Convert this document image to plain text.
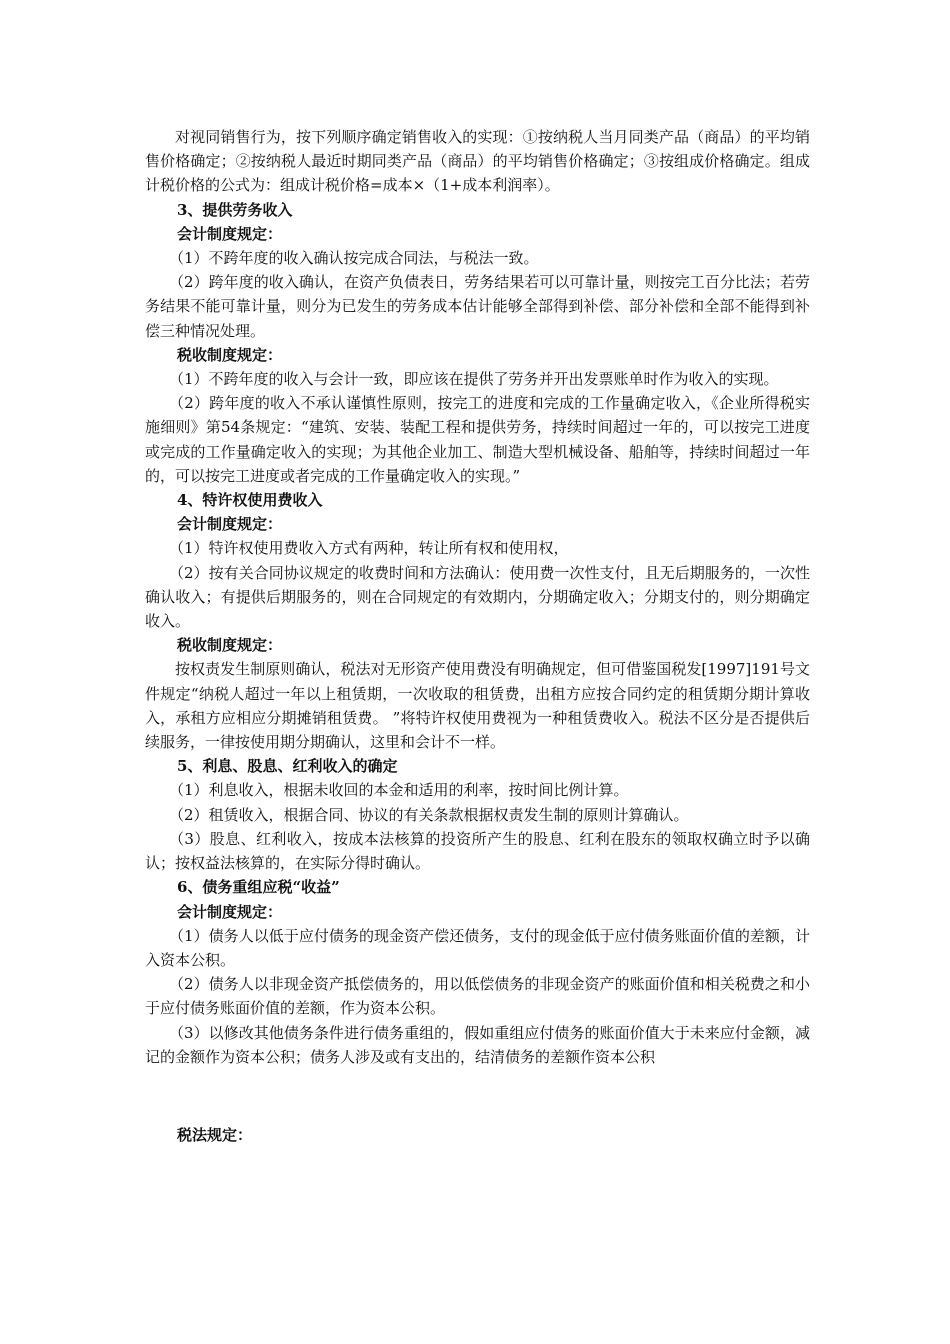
对视同销售行为，按下列顺序确定销售收入的实现：①按纳税人当月同类产品（商品）的平均销售价格确定；②按纳税人最近时期同类产品（商品）的平均销售价格确定；③按组成价格确定。组成计税价格的公式为：组成计税价格=成本×（1+成本利润率）。

3、提供劳务收入

会计制度规定：

（1）不跨年度的收入确认按完成合同法，与税法一致。

（2）跨年度的收入确认，在资产负债表日，劳务结果若可以可靠计量，则按完工百分比法；若劳务结果不能可靠计量，则分为已发生的劳务成本估计能够全部得到补偿、部分补偿和全部不能得到补偿三种情况处理。

税收制度规定：

（1）不跨年度的收入与会计一致，即应该在提供了劳务并开出发票账单时作为收入的实现。

（2）跨年度的收入不承认谨慎性原则，按完工的进度和完成的工作量确定收入，《企业所得税实施细则》第54条规定：“建筑、安装、装配工程和提供劳务，持续时间超过一年的，可以按完工进度或完成的工作量确定收入的实现；为其他企业加工、制造大型机械设备、船舶等，持续时间超过一年的，可以按完工进度或者完成的工作量确定收入的实现。”

4、特许权使用费收入

会计制度规定：

（1）特许权使用费收入方式有两种，转让所有权和使用权，

（2）按有关合同协议规定的收费时间和方法确认：使用费一次性支付，且无后期服务的，一次性确认收入；有提供后期服务的，则在合同规定的有效期内，分期确定收入；分期支付的，则分期确定收入。

税收制度规定：

按权责发生制原则确认，税法对无形资产使用费没有明确规定，但可借鉴国税发[1997]191号文件规定“纳税人超过一年以上租赁期，一次收取的租赁费，出租方应按合同约定的租赁期分期计算收入，承租方应相应分期摊销租赁费。 ”将特许权使用费视为一种租赁费收入。税法不区分是否提供后续服务，一律按使用期分期确认，这里和会计不一样。

5、利息、股息、红利收入的确定

（1）利息收入，根据未收回的本金和适用的利率，按时间比例计算。

（2）租赁收入，根据合同、协议的有关条款根据权责发生制的原则计算确认。

（3）股息、红利收入，按成本法核算的投资所产生的股息、红利在股东的领取权确立时予以确认；按权益法核算的，在实际分得时确认。

6、债务重组应税“收益”

会计制度规定：

（1）债务人以低于应付债务的现金资产偿还债务，支付的现金低于应付债务账面价值的差额，计入资本公积。

（2）债务人以非现金资产抵偿债务的，用以低偿债务的非现金资产的账面价值和相关税费之和小于应付债务账面价值的差额，作为资本公积。

（3）以修改其他债务条件进行债务重组的，假如重组应付债务的账面价值大于未来应付金额，减记的金额作为资本公积；债务人涉及或有支出的，结清债务的差额作资本公积

税法规定：
